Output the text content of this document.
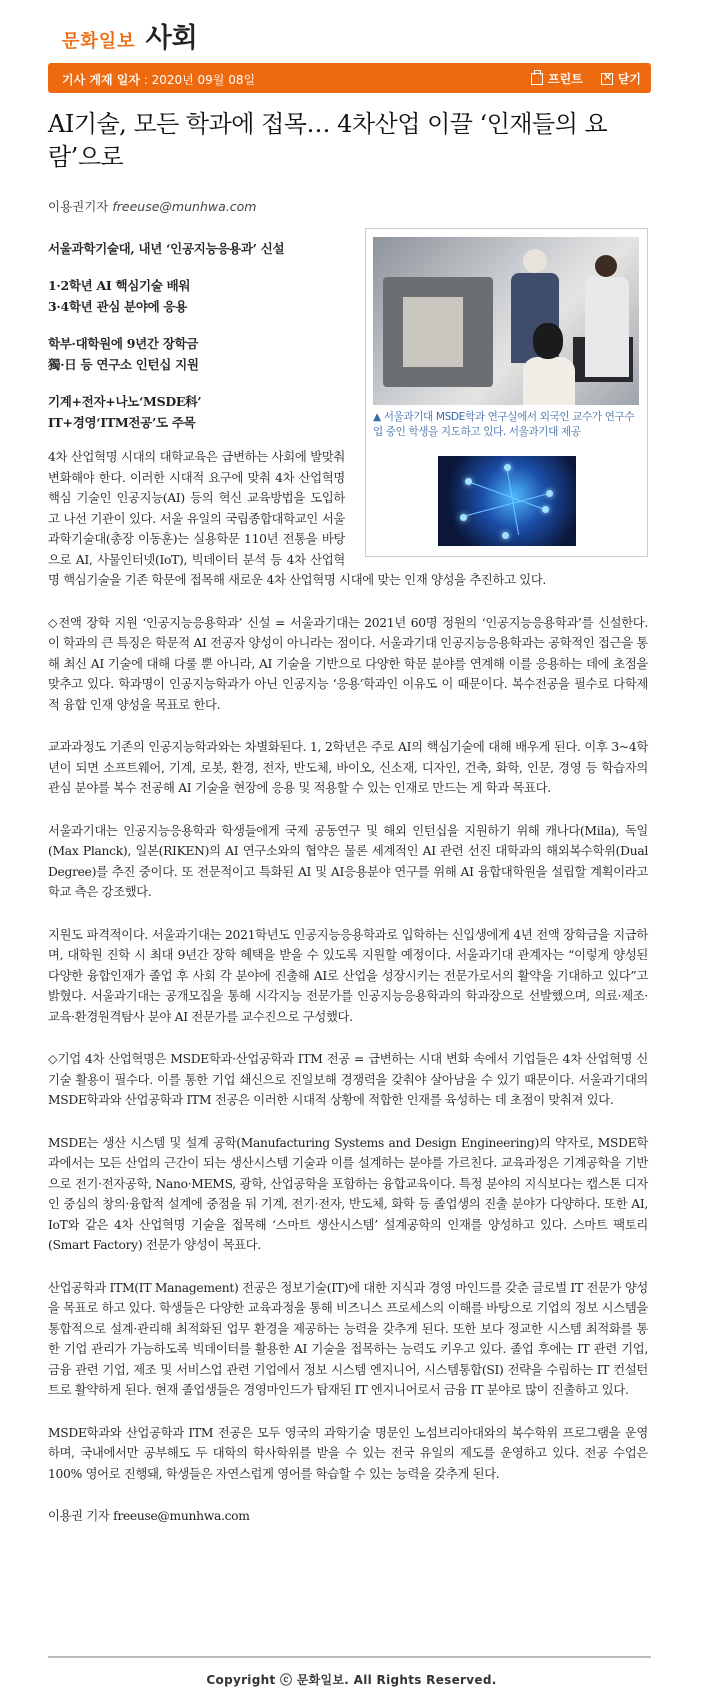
문화일보 사회
기사 게재 일자 : 2020년 09월 08일	프린트
×	닫기
AI기술, 모든 학과에 접목… 4차산업 이끌 ‘인재들의 요람’으로
이용권기자 freeuse@munhwa.com
▲ 서울과기대 MSDE학과 연구실에서 외국인 교수가 연구수업 중인 학생을 지도하고 있다. 서울과기대 제공
서울과학기술대, 내년 ‘인공지능응용과’ 신설
1·2학년 AI 핵심기술 배워
3·4학년 관심 분야에 응용
학부·대학원에 9년간 장학금
獨·日 등 연구소 인턴십 지원
기계+전자+나노‘MSDE科’
IT+경영‘ITM전공’도 주목

4차 산업혁명 시대의 대학교육은 급변하는 사회에 발맞춰 변화해야 한다. 이러한 시대적 요구에 맞춰 4차 산업혁명 핵심 기술인 인공지능(AI) 등의 혁신 교육방법을 도입하고 나선 기관이 있다. 서울 유일의 국립종합대학교인 서울과학기술대(총장 이동훈)는 실용학문 110년 전통을 바탕으로 AI, 사물인터넷(IoT), 빅데이터 분석 등 4차 산업혁명 핵심기술을 기존 학문에 접목해 새로운 4차 산업혁명 시대에 맞는 인재 양성을 추진하고 있다.

◇전액 장학 지원 ‘인공지능응용학과’ 신설 = 서울과기대는 2021년 60명 정원의 ‘인공지능응용학과’를 신설한다. 이 학과의 큰 특징은 학문적 AI 전공자 양성이 아니라는 점이다. 서울과기대 인공지능응용학과는 공학적인 접근을 통해 최신 AI 기술에 대해 다룰 뿐 아니라, AI 기술을 기반으로 다양한 학문 분야를 연계해 이를 응용하는 데에 초점을 맞추고 있다. 학과명이 인공지능학과가 아닌 인공지능 ‘응용’학과인 이유도 이 때문이다. 복수전공을 필수로 다학제적 융합 인재 양성을 목표로 한다.

교과과정도 기존의 인공지능학과와는 차별화된다. 1, 2학년은 주로 AI의 핵심기술에 대해 배우게 된다. 이후 3~4학년이 되면 소프트웨어, 기계, 로봇, 환경, 전자, 반도체, 바이오, 신소재, 디자인, 건축, 화학, 인문, 경영 등 학습자의 관심 분야를 복수 전공해 AI 기술을 현장에 응용 및 적용할 수 있는 인재로 만드는 게 학과 목표다.

서울과기대는 인공지능응용학과 학생들에게 국제 공동연구 및 해외 인턴십을 지원하기 위해 캐나다(Mila), 독일(Max Planck), 일본(RIKEN)의 AI 연구소와의 협약은 물론 세계적인 AI 관련 선진 대학과의 해외복수학위(Dual Degree)를 추진 중이다. 또 전문적이고 특화된 AI 및 AI응용분야 연구를 위해 AI 융합대학원을 설립할 계획이라고 학교 측은 강조했다.

지원도 파격적이다. 서울과기대는 2021학년도 인공지능응용학과로 입학하는 신입생에게 4년 전액 장학금을 지급하며, 대학원 진학 시 최대 9년간 장학 혜택을 받을 수 있도록 지원할 예정이다. 서울과기대 관계자는 “이렇게 양성된 다양한 융합인재가 졸업 후 사회 각 분야에 진출해 AI로 산업을 성장시키는 전문가로서의 활약을 기대하고 있다”고 밝혔다. 서울과기대는 공개모집을 통해 시각지능 전문가를 인공지능응용학과의 학과장으로 선발했으며, 의료·제조·교육·환경원격탐사 분야 AI 전문가를 교수진으로 구성했다.

◇기업 4차 산업혁명은 MSDE학과·산업공학과 ITM 전공 = 급변하는 시대 변화 속에서 기업들은 4차 산업혁명 신기술 활용이 필수다. 이를 통한 기업 쇄신으로 진일보해 경쟁력을 갖춰야 살아남을 수 있기 때문이다. 서울과기대의 MSDE학과와 산업공학과 ITM 전공은 이러한 시대적 상황에 적합한 인재를 육성하는 데 초점이 맞춰져 있다.

MSDE는 생산 시스템 및 설계 공학(Manufacturing Systems and Design Engineering)의 약자로, MSDE학과에서는 모든 산업의 근간이 되는 생산시스템 기술과 이를 설계하는 분야를 가르친다. 교육과정은 기계공학을 기반으로 전기·전자공학, Nano·MEMS, 광학, 산업공학을 포함하는 융합교육이다. 특정 분야의 지식보다는 캡스톤 디자인 중심의 창의·융합적 설계에 중점을 둬 기계, 전기·전자, 반도체, 화학 등 졸업생의 진출 분야가 다양하다. 또한 AI, IoT와 같은 4차 산업혁명 기술을 접목해 ‘스마트 생산시스템’ 설계공학의 인재를 양성하고 있다. 스마트 팩토리(Smart Factory) 전문가 양성이 목표다.

산업공학과 ITM(IT Management) 전공은 정보기술(IT)에 대한 지식과 경영 마인드를 갖춘 글로벌 IT 전문가 양성을 목표로 하고 있다. 학생들은 다양한 교육과정을 통해 비즈니스 프로세스의 이해를 바탕으로 기업의 정보 시스템을 통합적으로 설계·관리해 최적화된 업무 환경을 제공하는 능력을 갖추게 된다. 또한 보다 정교한 시스템 최적화를 통한 기업 관리가 가능하도록 빅데이터를 활용한 AI 기술을 접목하는 능력도 키우고 있다. 졸업 후에는 IT 관련 기업, 금융 관련 기업, 제조 및 서비스업 관련 기업에서 정보 시스템 엔지니어, 시스템통합(SI) 전략을 수립하는 IT 컨설턴트로 활약하게 된다. 현재 졸업생들은 경영마인드가 탑재된 IT 엔지니어로서 금융 IT 분야로 많이 진출하고 있다.

MSDE학과와 산업공학과 ITM 전공은 모두 영국의 과학기술 명문인 노섬브리아대와의 복수학위 프로그램을 운영하며, 국내에서만 공부해도 두 대학의 학사학위를 받을 수 있는 전국 유일의 제도를 운영하고 있다. 전공 수업은 100% 영어로 진행돼, 학생들은 자연스럽게 영어를 학습할 수 있는 능력을 갖추게 된다.

이용권 기자 freeuse@munhwa.com

Copyright ⓒ 문화일보. All Rights Reserved.
